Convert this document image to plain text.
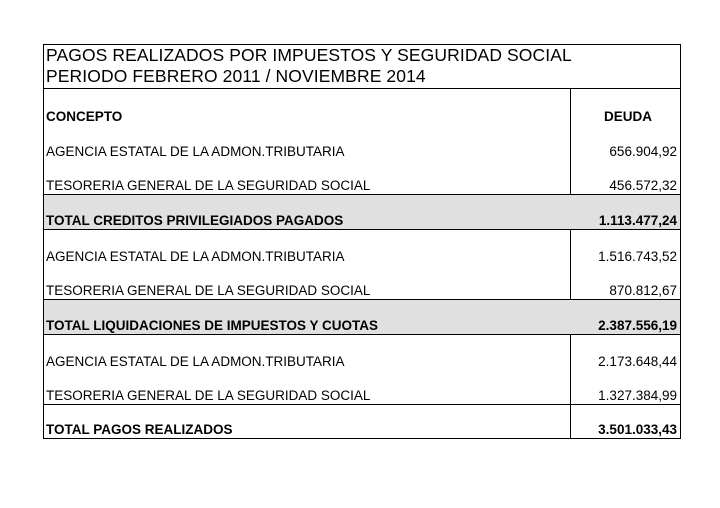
PAGOS REALIZADOS POR IMPUESTOS Y SEGURIDAD SOCIAL
PERIODO FEBRERO 2011 / NOVIEMBRE 2014
CONCEPTO	DEUDA
AGENCIA ESTATAL DE LA ADMON.TRIBUTARIA	656.904,92
TESORERIA GENERAL DE LA SEGURIDAD SOCIAL	456.572,32
TOTAL CREDITOS PRIVILEGIADOS PAGADOS	1.113.477,24
AGENCIA ESTATAL DE LA ADMON.TRIBUTARIA	1.516.743,52
TESORERIA GENERAL DE LA SEGURIDAD SOCIAL	870.812,67
TOTAL LIQUIDACIONES DE IMPUESTOS Y CUOTAS	2.387.556,19
AGENCIA ESTATAL DE LA ADMON.TRIBUTARIA	2.173.648,44
TESORERIA GENERAL DE LA SEGURIDAD SOCIAL	1.327.384,99
TOTAL PAGOS REALIZADOS	3.501.033,43
